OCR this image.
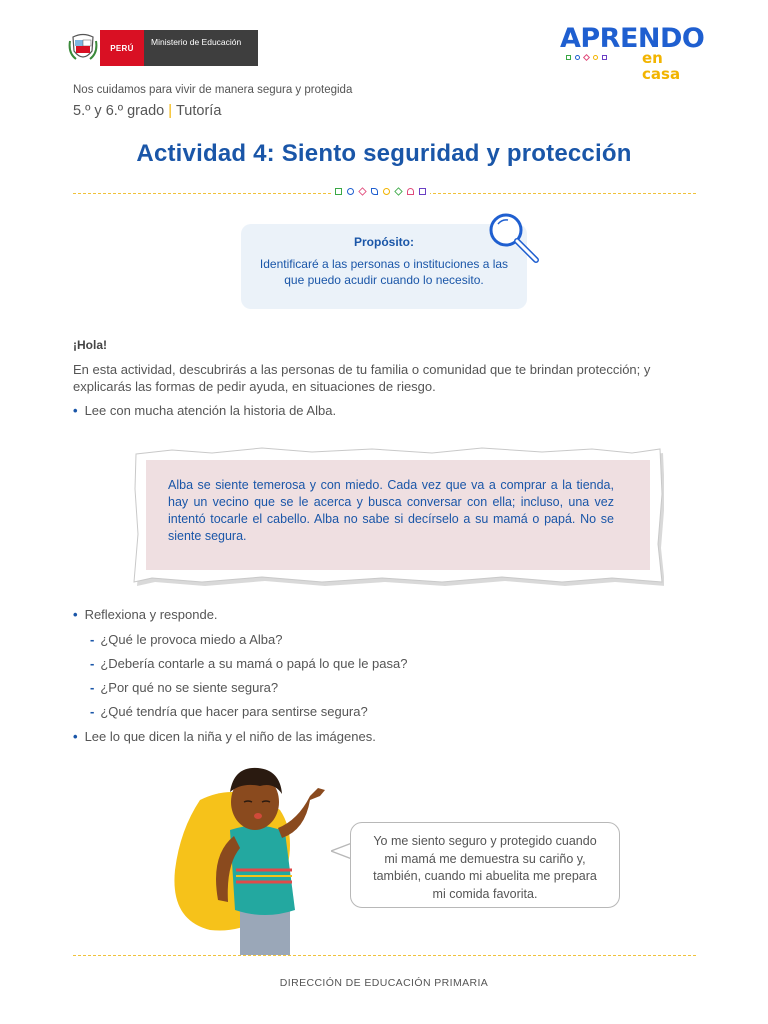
PERÚ
Ministerio de Educación	APRENDO
en casa
Nos cuidamos para vivir de manera segura y protegida
5.º y 6.º grado | Tutoría
Actividad 4: Siento seguridad y protección
Propósito:
Identificaré a las personas o instituciones a las que puedo acudir cuando lo necesito.
¡Hola!
En esta actividad, descubrirás a las personas de tu familia o comunidad que te brindan protección; y explicarás las formas de pedir ayuda, en situaciones de riesgo.
• Lee con mucha atención la historia de Alba.
Alba se siente temerosa y con miedo. Cada vez que va a comprar a la tienda, hay un vecino que se le acerca y busca conversar con ella; incluso, una vez intentó tocarle el cabello. Alba no sabe si decírselo a su mamá o papá. No se siente segura.
• Reflexiona y responde.
- ¿Qué le provoca miedo a Alba?
- ¿Debería contarle a su mamá o papá lo que le pasa?
- ¿Por qué no se siente segura?
- ¿Qué tendría que hacer para sentirse segura?
• Lee lo que dicen la niña y el niño de las imágenes.
Yo me siento seguro y protegido cuando mi mamá me demuestra su cariño y, también, cuando mi abuelita me prepara mi comida favorita.
DIRECCIÓN DE EDUCACIÓN PRIMARIA
